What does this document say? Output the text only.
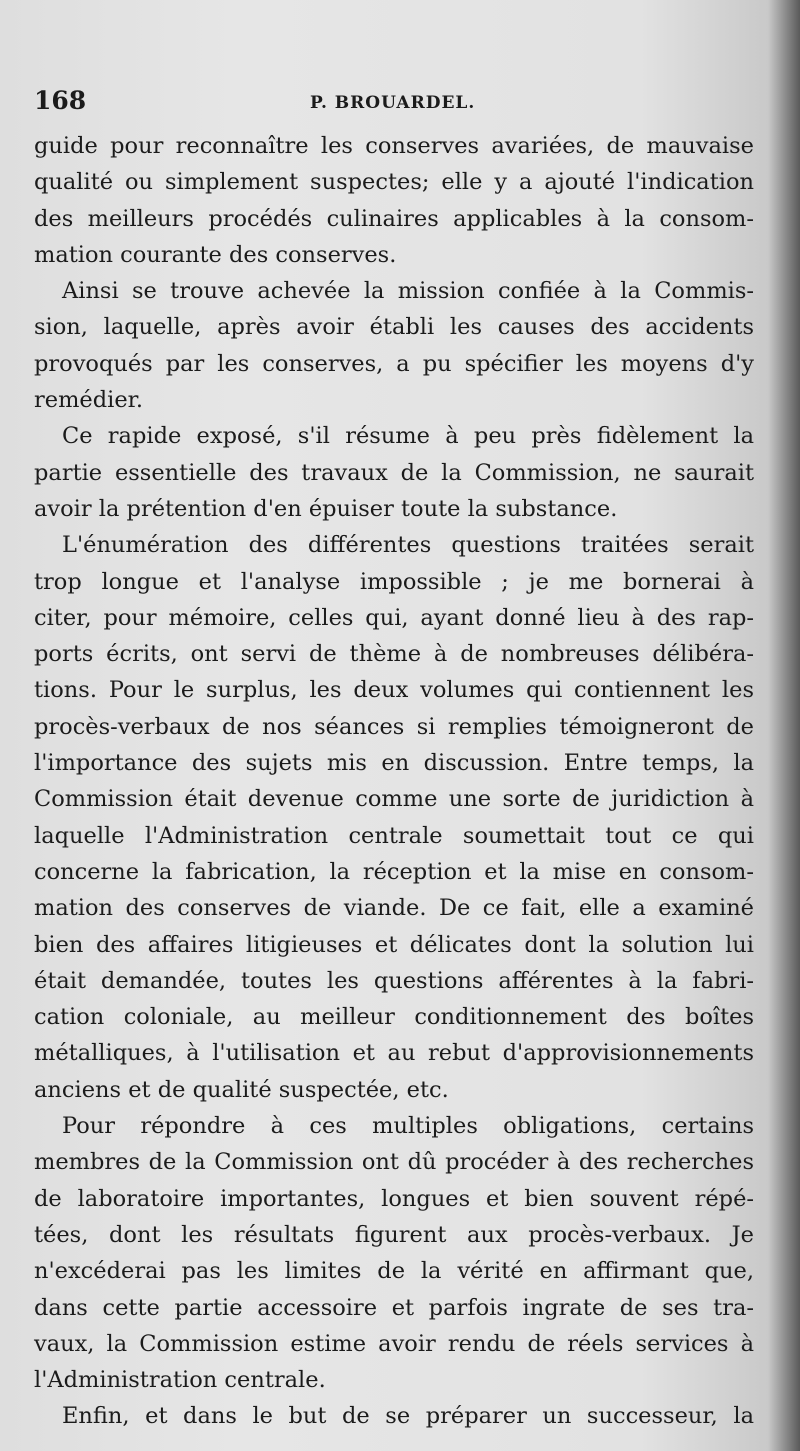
168	P. BROUARDEL.
guide pour reconnaître les conserves avariées, de mauvaise
qualité ou simplement suspectes; elle y a ajouté l'indication
des meilleurs procédés culinaires applicables à la consom-
mation courante des conserves.
Ainsi se trouve achevée la mission confiée à la Commis-
sion, laquelle, après avoir établi les causes des accidents
provoqués par les conserves, a pu spécifier les moyens d'y
remédier.
Ce rapide exposé, s'il résume à peu près fidèlement la
partie essentielle des travaux de la Commission, ne saurait
avoir la prétention d'en épuiser toute la substance.
L'énumération des différentes questions traitées serait
trop longue et l'analyse impossible ; je me bornerai à
citer, pour mémoire, celles qui, ayant donné lieu à des rap-
ports écrits, ont servi de thème à de nombreuses délibéra-
tions. Pour le surplus, les deux volumes qui contiennent les
procès-verbaux de nos séances si remplies témoigneront de
l'importance des sujets mis en discussion. Entre temps, la
Commission était devenue comme une sorte de juridiction à
laquelle l'Administration centrale soumettait tout ce qui
concerne la fabrication, la réception et la mise en consom-
mation des conserves de viande. De ce fait, elle a examiné
bien des affaires litigieuses et délicates dont la solution lui
était demandée, toutes les questions afférentes à la fabri-
cation coloniale, au meilleur conditionnement des boîtes
métalliques, à l'utilisation et au rebut d'approvisionnements
anciens et de qualité suspectée, etc.
Pour répondre à ces multiples obligations, certains
membres de la Commission ont dû procéder à des recherches
de laboratoire importantes, longues et bien souvent répé-
tées, dont les résultats figurent aux procès-verbaux. Je
n'excéderai pas les limites de la vérité en affirmant que,
dans cette partie accessoire et parfois ingrate de ses tra-
vaux, la Commission estime avoir rendu de réels services à
l'Administration centrale.
Enfin, et dans le but de se préparer un successeur, la
